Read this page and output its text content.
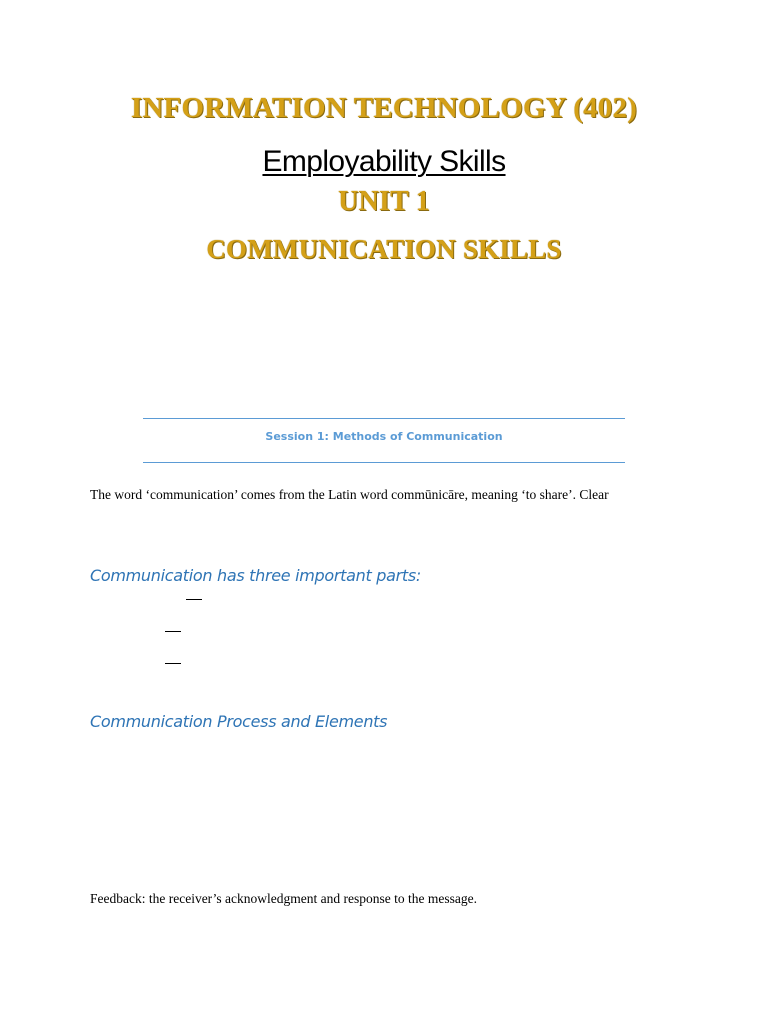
INFORMATION TECHNOLOGY (402)
Employability Skills
UNIT 1
COMMUNICATION SKILLS
Session 1: Methods of Communication
The word ‘communication’ comes from the Latin word commūnicāre, meaning ‘to share’. Clear
Communication has three important parts:
Communication Process and Elements
Feedback: the receiver’s acknowledgment and response to the message.
